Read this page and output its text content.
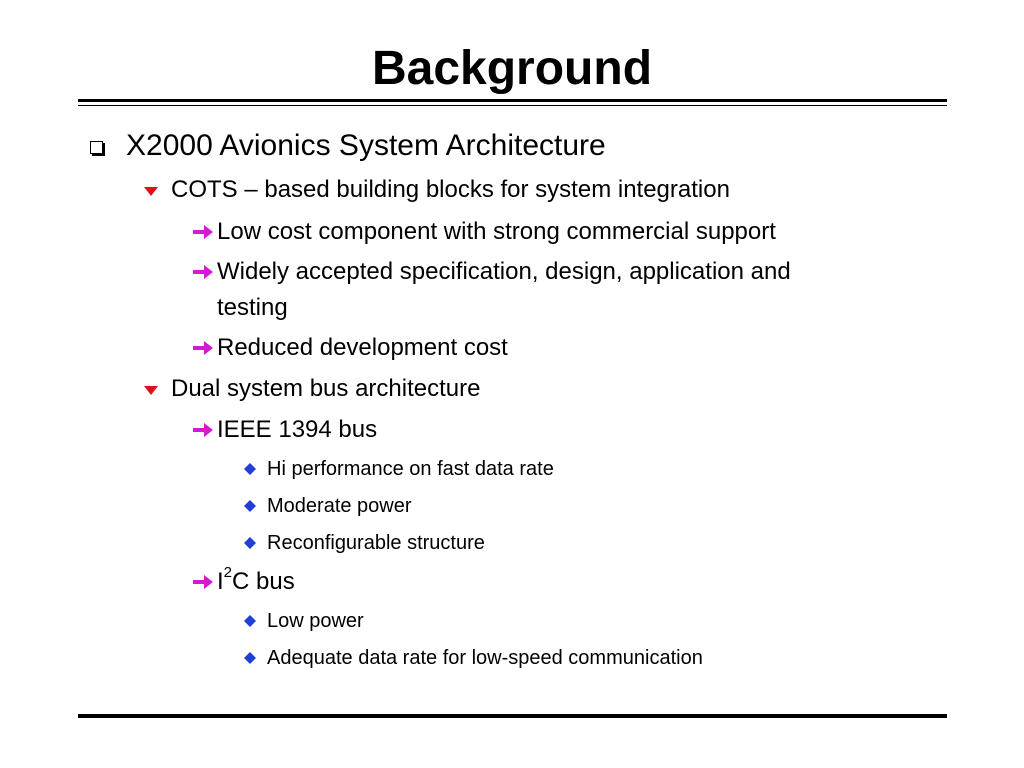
Background
X2000 Avionics System Architecture
COTS – based building blocks for system integration
Low cost component with strong commercial support
Widely accepted specification, design, application and
testing
Reduced development cost
Dual system bus architecture
IEEE 1394 bus
Hi performance on fast data rate
Moderate power
Reconfigurable structure
$I^2C$ bus
Low power
Adequate data rate for low-speed communication
